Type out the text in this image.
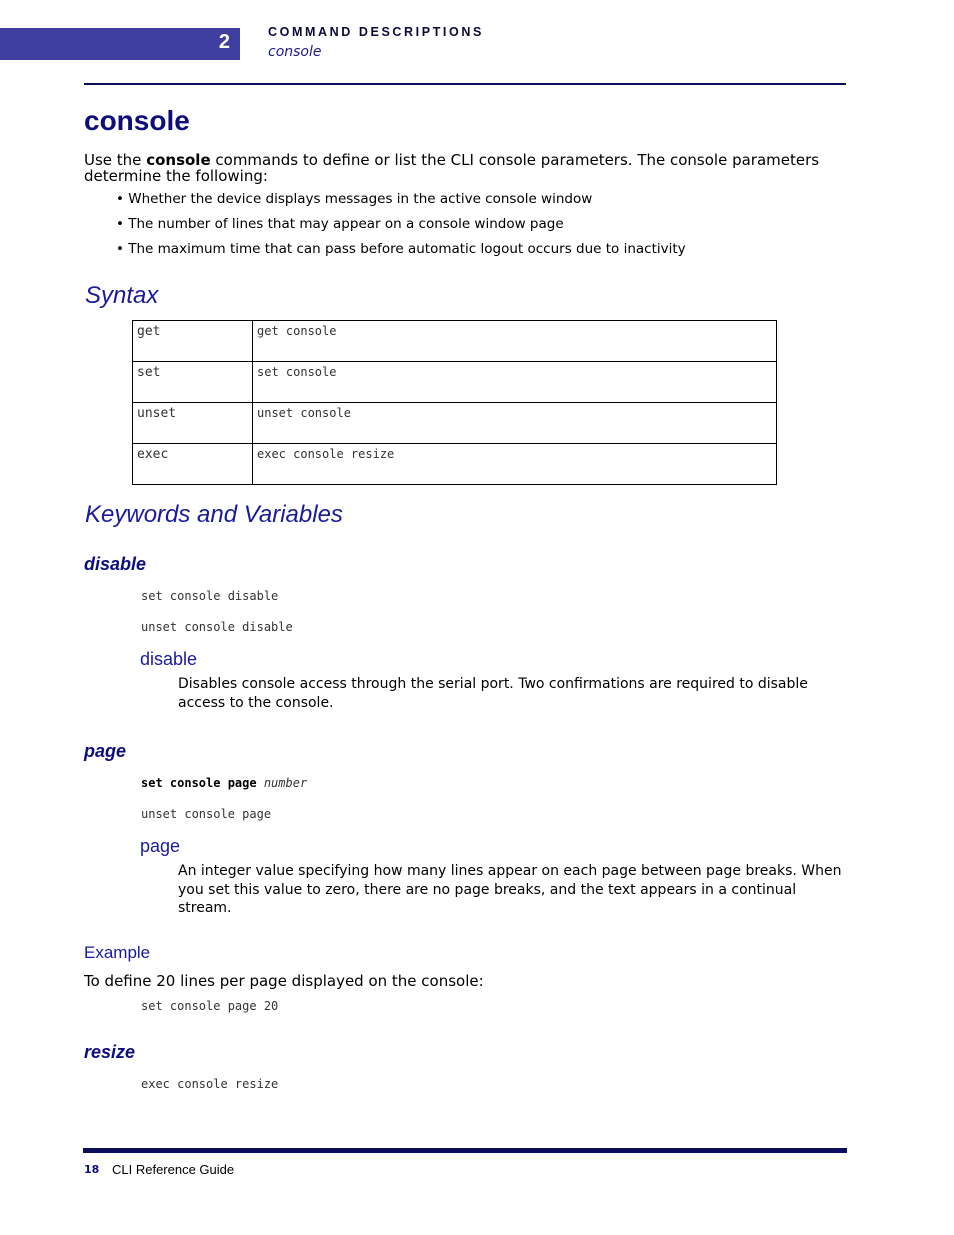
2	COMMAND DESCRIPTIONS
console
console

Use the console commands to define or list the CLI console parameters. The console parameters determine the following:

• Whether the device displays messages in the active console window
• The number of lines that may appear on a console window page
• The maximum time that can pass before automatic logout occurs due to inactivity
Syntax
get	get console
set	set console
unset	unset console
exec	exec console resize
Keywords and Variables
disable
set console disable
unset console disable
disable

Disables console access through the serial port. Two confirmations are required to disable access to the console.

page
set console page number
unset console page
page

An integer value specifying how many lines appear on each page between page breaks. When you set this value to zero, there are no page breaks, and the text appears in a continual stream.

Example

To define 20 lines per page displayed on the console:

set console page 20
resize
exec console resize
18 CLI Reference Guide
